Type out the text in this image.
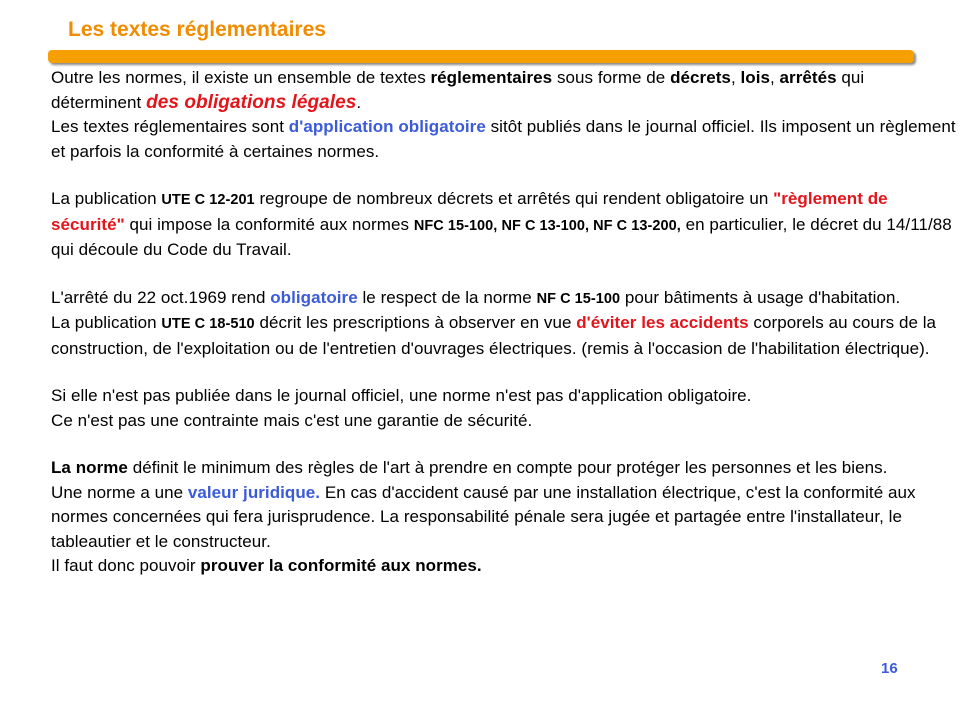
Les textes réglementaires

Outre les normes, il existe un ensemble de textes réglementaires sous forme de décrets, lois, arrêtés qui déterminent des obligations légales.

Les textes réglementaires sont d'application obligatoire sitôt publiés dans le journal officiel. Ils imposent un règlement et parfois la conformité à certaines normes.

La publication UTE C 12-201 regroupe de nombreux décrets et arrêtés qui rendent obligatoire un "règlement de sécurité" qui impose la conformité aux normes NFC 15-100, NF C 13-100, NF C 13-200, en particulier, le décret du 14/11/88 qui découle du Code du Travail.

L'arrêté du 22 oct.1969 rend obligatoire le respect de la norme NF C 15-100 pour bâtiments à usage d'habitation.

La publication UTE C 18-510 décrit les prescriptions à observer en vue d'éviter les accidents corporels au cours de la construction, de l'exploitation ou de l'entretien d'ouvrages électriques. (remis à l'occasion de l'habilitation électrique).

Si elle n'est pas publiée dans le journal officiel, une norme n'est pas d'application obligatoire.

Ce n'est pas une contrainte mais c'est une garantie de sécurité.

La norme définit le minimum des règles de l'art à prendre en compte pour protéger les personnes et les biens.

Une norme a une valeur juridique. En cas d'accident causé par une installation électrique, c'est la conformité aux normes concernées qui fera jurisprudence. La responsabilité pénale sera jugée et partagée entre l'installateur, le tableautier et le constructeur.

Il faut donc pouvoir prouver la conformité aux normes.

16
